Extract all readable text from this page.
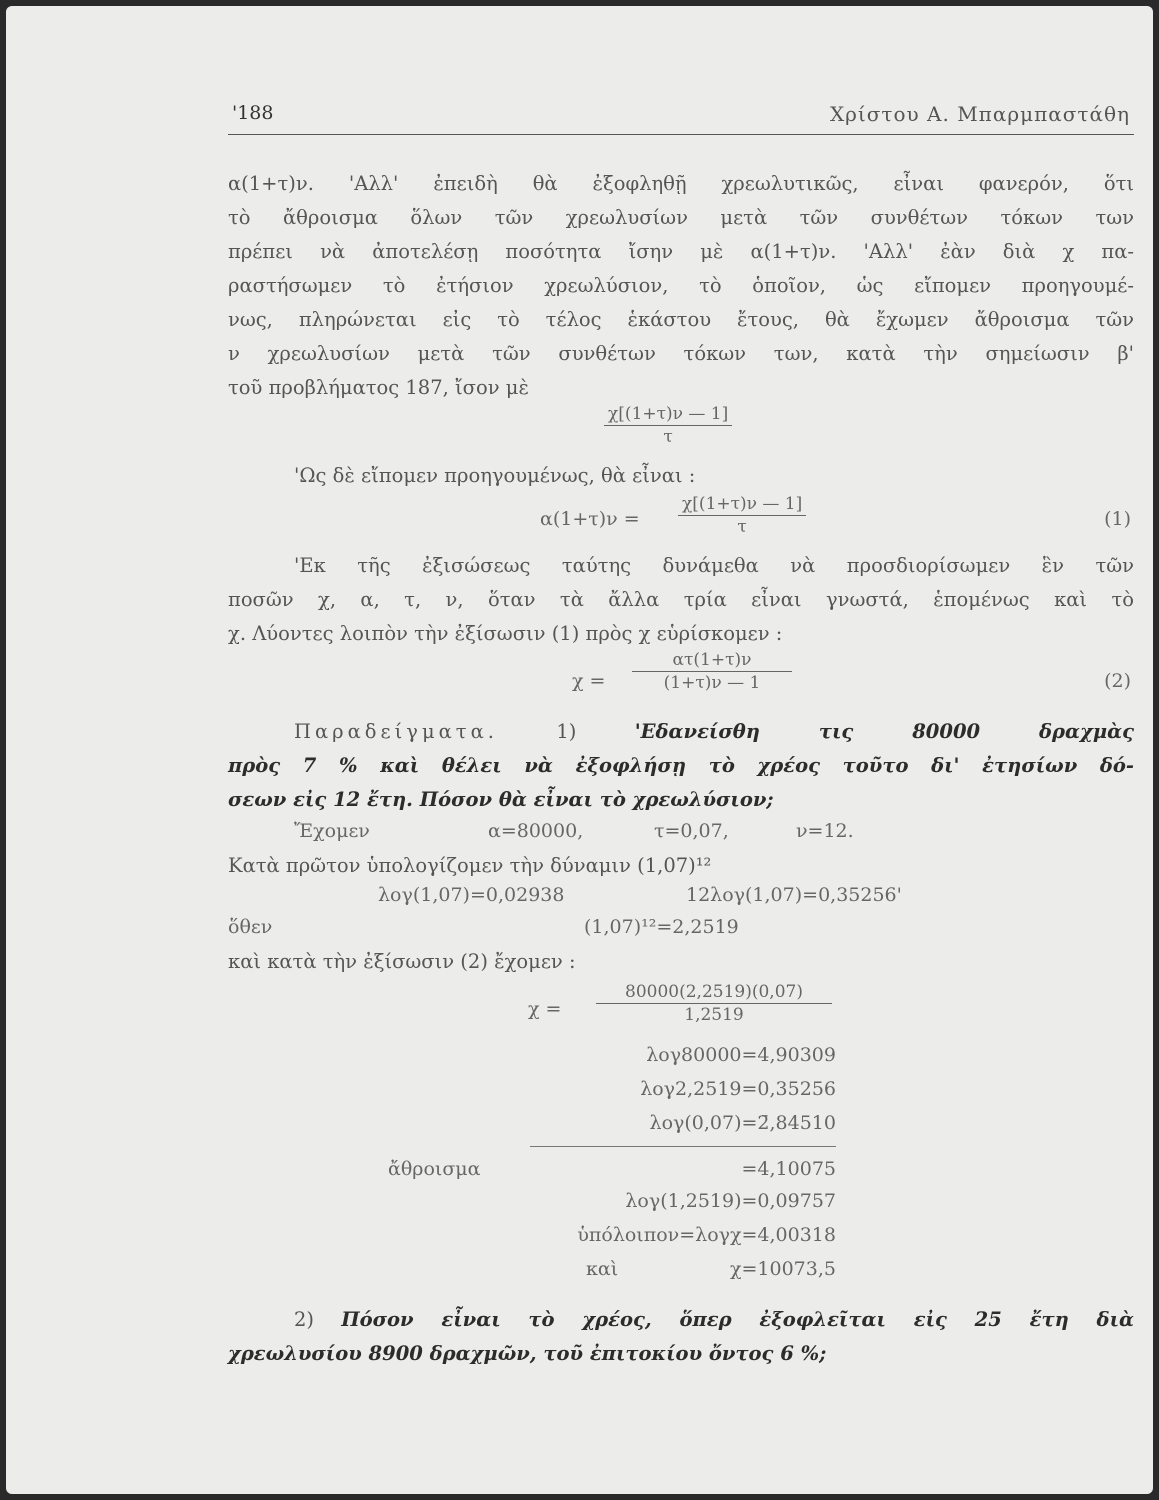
'188	Χρίστου Α. Μπαρμπαστάθη
α(1+τ)ν. 'Αλλ' ἐπειδὴ θὰ ἐξοφληθῇ χρεωλυτικῶς, εἶναι φανερόν, ὅτι
τὸ ἄθροισμα ὅλων τῶν χρεωλυσίων μετὰ τῶν συνθέτων τόκων των
πρέπει νὰ ἀποτελέσῃ ποσότητα ἴσην μὲ α(1+τ)ν. 'Αλλ' ἐὰν διὰ χ πα-
ραστήσωμεν τὸ ἐτήσιον χρεωλύσιον, τὸ ὁποῖον, ὡς εἴπομεν προηγουμέ-
νως, πληρώνεται εἰς τὸ τέλος ἑκάστου ἔτους, θὰ ἔχωμεν ἄθροισμα τῶν
ν χρεωλυσίων μετὰ τῶν συνθέτων τόκων των, κατὰ τὴν σημείωσιν β'
τοῦ προβλήματος 187, ἴσον μὲ
$\frac{\chi[(1+\tau)\nu — 1]}{\tau}$
'Ως δὲ εἴπομεν προηγουμένως, θὰ εἶναι :
$\alpha(1+\tau)\nu = \frac{\chi[(1+\tau)\nu — 1]}{\tau}$	(1)
'Εκ τῆς ἐξισώσεως ταύτης δυνάμεθα νὰ προσδιορίσωμεν ἓν τῶν
ποσῶν χ, α, τ, ν, ὅταν τὰ ἄλλα τρία εἶναι γνωστά, ἑπομένως καὶ τὸ
χ. Λύοντες λοιπὸν τὴν ἐξίσωσιν (1) πρὸς χ εὑρίσκομεν :
$\chi = \frac{\alpha\tau(1+\tau)\nu}{(1+\tau)\nu — 1}$	(2)
Παραδείγματα.	1)	'Εδανείσθη τις 80000 δραχμὰς
πρὸς 7 % καὶ θέλει νὰ ἐξοφλήσῃ τὸ χρέος τοῦτο δι' ἐτησίων δό-
σεων εἰς 12 ἔτη. Πόσον θὰ εἶναι τὸ χρεωλύσιον;
Ἔχομεν	α=80000,	τ=0,07,	ν=12.
Κατὰ πρῶτον ὑπολογίζομεν τὴν δύναμιν (1,07)¹²
λογ(1,07)=0,02938	12λογ(1,07)=0,35256'
ὅθεν	(1,07)¹²=2,2519
καὶ κατὰ τὴν ἐξίσωσιν (2) ἔχομεν :
$\chi = \frac{80000(2,2519)(0,07)}{1,2519}$
λογ80000=4,90309
λογ2,2519=0,35256
λογ(0,07)=2̄,84510
ἄθροισμα	=4,10075
λογ(1,2519)=0,09757
ὑπόλοιπον=λογχ=4,00318
καὶ	χ=10073,5
2) Πόσον εἶναι τὸ χρέος, ὅπερ ἐξοφλεῖται εἰς 25 ἔτη διὰ
χρεωλυσίου 8900 δραχμῶν, τοῦ ἐπιτοκίου ὄντος 6 %;
